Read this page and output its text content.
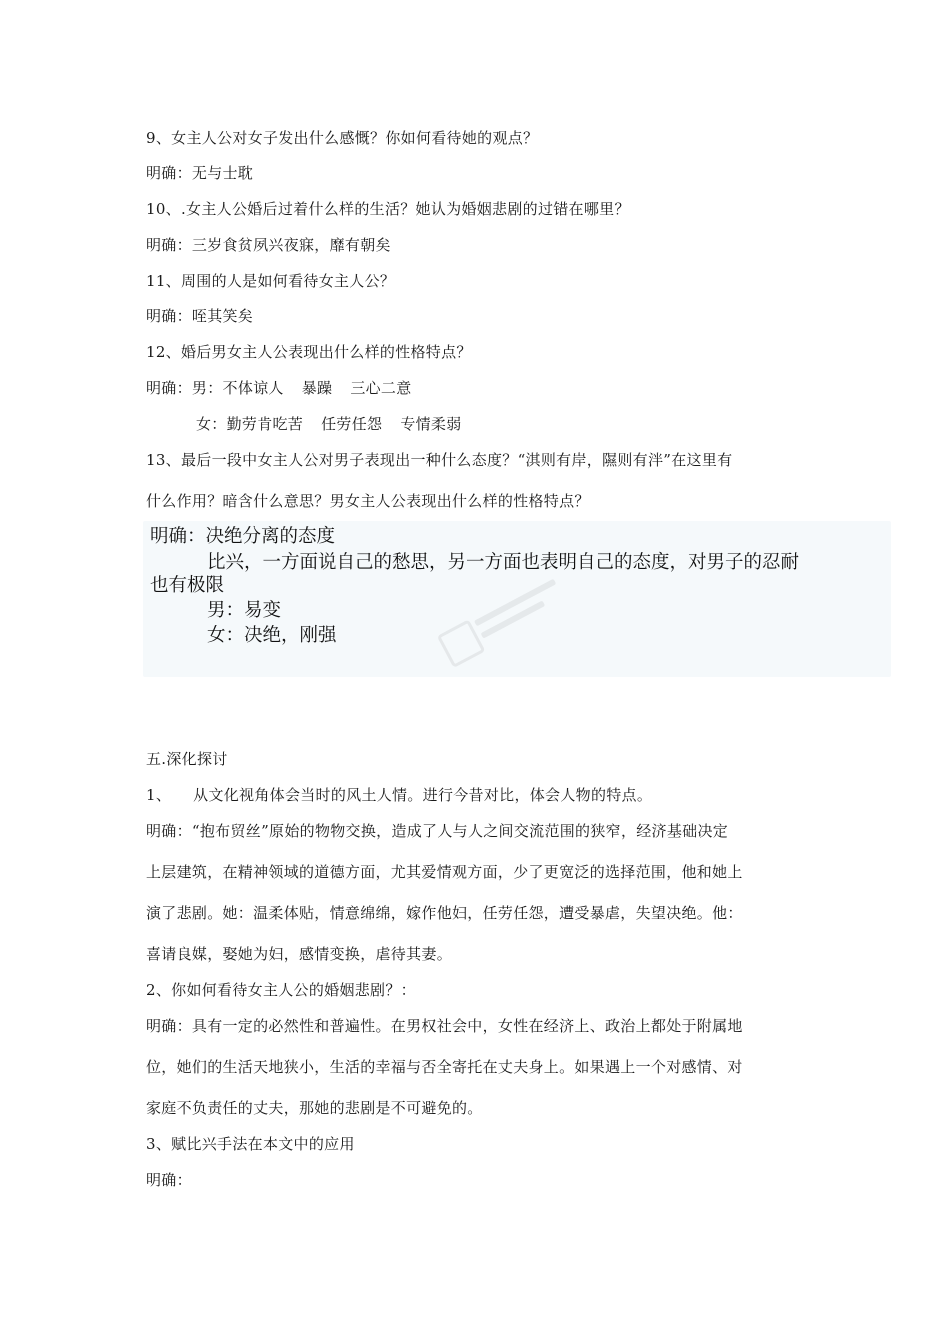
9、女主人公对女子发出什么感慨？你如何看待她的观点？
明确：无与士耽
10、.女主人公婚后过着什么样的生活？她认为婚姻悲剧的过错在哪里？
明确：三岁食贫夙兴夜寐，靡有朝矣
11、周围的人是如何看待女主人公？
明确：咥其笑矣
12、婚后男女主人公表现出什么样的性格特点？
明确：男：不体谅人 暴躁 三心二意
女：勤劳肯吃苦 任劳任怨 专情柔弱
13、最后一段中女主人公对男子表现出一种什么态度？“淇则有岸，隰则有泮”在这里有
什么作用？暗含什么意思？男女主人公表现出什么样的性格特点？
明确：决绝分离的态度
比兴，一方面说自己的愁思，另一方面也表明自己的态度，对男子的忍耐
也有极限
男：易变
女：决绝，刚强
五.深化探讨
1、 从文化视角体会当时的风土人情。进行今昔对比，体会人物的特点。
明确：“抱布贸丝”原始的物物交换，造成了人与人之间交流范围的狭窄，经济基础决定
上层建筑，在精神领域的道德方面，尤其爱情观方面，少了更宽泛的选择范围，他和她上
演了悲剧。她：温柔体贴，情意绵绵，嫁作他妇，任劳任怨，遭受暴虐，失望决绝。他：
喜请良媒，娶她为妇，感情变换，虐待其妻。
2、你如何看待女主人公的婚姻悲剧？：
明确：具有一定的必然性和普遍性。在男权社会中，女性在经济上、政治上都处于附属地
位，她们的生活天地狭小，生活的幸福与否全寄托在丈夫身上。如果遇上一个对感情、对
家庭不负责任的丈夫，那她的悲剧是不可避免的。
3、赋比兴手法在本文中的应用
明确：
